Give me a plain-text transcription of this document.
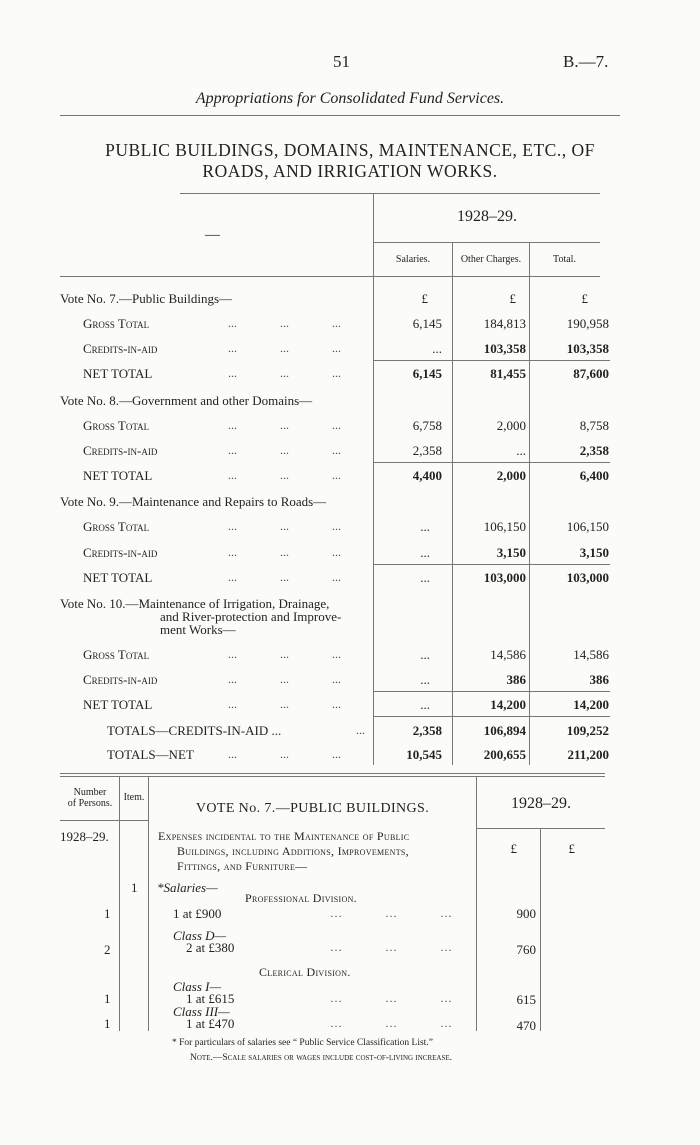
51	B.—7.
Appropriations for Consolidated Fund Services.
PUBLIC BUILDINGS, DOMAINS, MAINTENANCE, ETC., OF
ROADS, AND IRRIGATION WORKS.
—
1928–29.
Salaries.	Other Charges.	Total.
£	£	£
Vote No. 7.—Public Buildings—
Gross Total	...	...	...	6,145	184,813	190,958
Credits-in-aid	...	...	...	...	103,358	103,358
NET TOTAL	...	...	...	6,145	81,455	87,600
Vote No. 8.—Government and other Domains—
Gross Total	...	...	...	6,758	2,000	8,758
Credits-in-aid	...	...	...	2,358	...	2,358
NET TOTAL	...	...	...	4,400	2,000	6,400
Vote No. 9.—Maintenance and Repairs to Roads—
Gross Total	...	...	...	...	106,150	106,150
Credits-in-aid	...	...	...	...	3,150	3,150
NET TOTAL	...	...	...	...	103,000	103,000
Vote No. 10.—Maintenance of Irrigation, Drainage,
and River-protection and Improve-
ment Works—
Gross Total	...	...	...	...	14,586	14,586
Credits-in-aid	...	...	...	...	386	386
NET TOTAL	...	...	...	...	14,200	14,200
TOTALS—CREDITS-IN-AID ...	...	2,358	106,894	109,252
TOTALS—NET	...	...	...	10,545	200,655	211,200
Number
of Persons.
Item.
VOTE No. 7.—PUBLIC BUILDINGS.	1928–29.
1928–29.	Expenses incidental to the Maintenance of Public
Buildings, including Additions, Improvements,
Fittings, and Furniture—
£	£
1 *Salaries—
Professional Division.
1	1 at £900	…	…	…	900
Class D—
2	2 at £380	…	…	…	760
Clerical Division.
Class I—
1	1 at £615	…	…	…	615
Class III—
1	1 at £470	…	…	…	470
* For particulars of salaries see “ Public Service Classification List.”
Note.—Scale salaries or wages include cost-of-living increase.
